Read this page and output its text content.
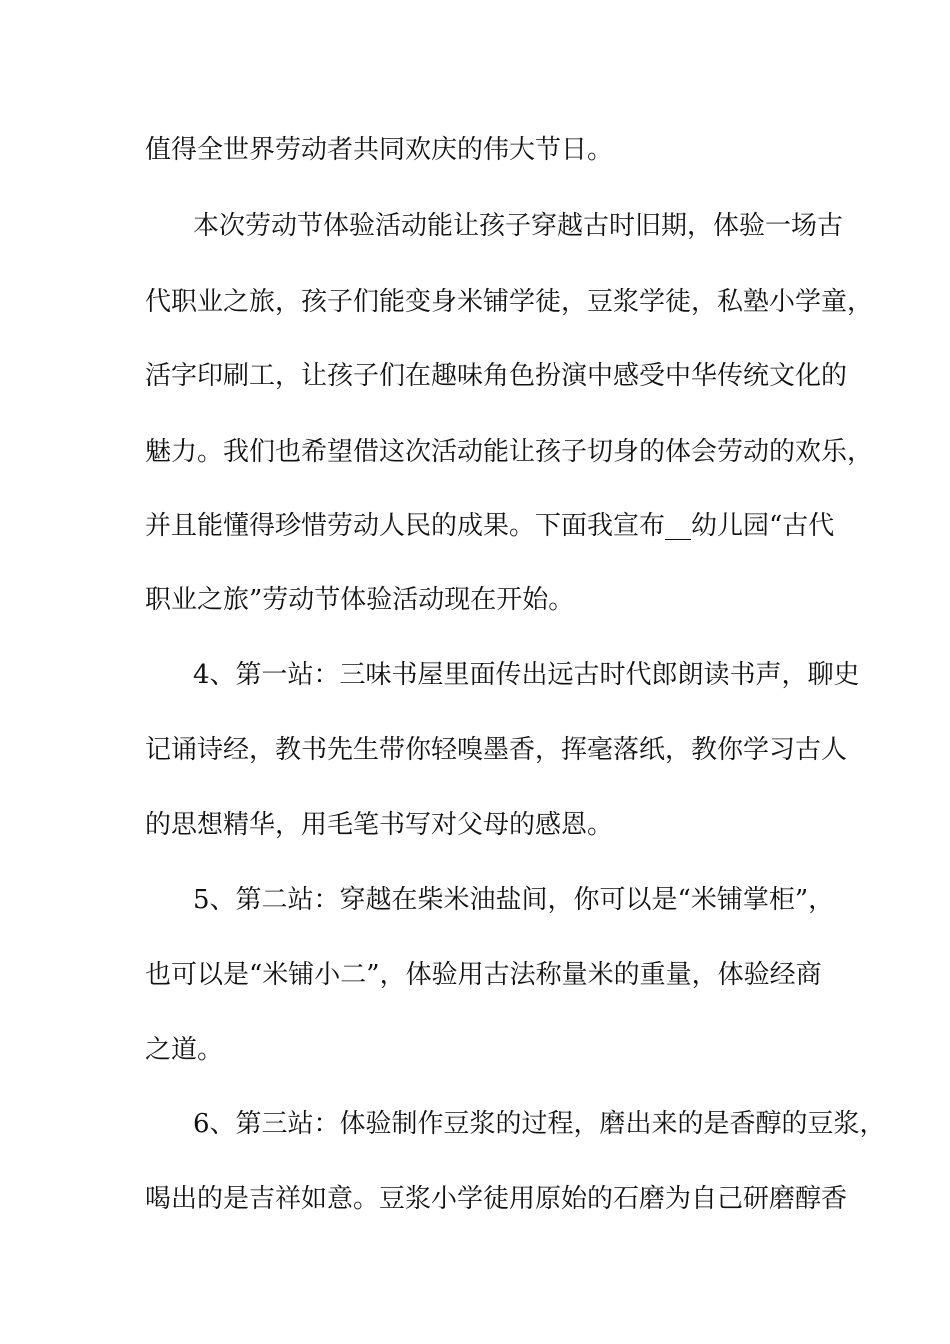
值得全世界劳动者共同欢庆的伟大节日。
本次劳动节体验活动能让孩子穿越古时旧期，体验一场古
代职业之旅，孩子们能变身米铺学徒，豆浆学徒，私塾小学童，
活字印刷工，让孩子们在趣味角色扮演中感受中华传统文化的
魅力。我们也希望借这次活动能让孩子切身的体会劳动的欢乐，
并且能懂得珍惜劳动人民的成果。下面我宣布__幼儿园“古代
职业之旅”劳动节体验活动现在开始。
4、第一站：三味书屋里面传出远古时代郎朗读书声，聊史
记诵诗经，教书先生带你轻嗅墨香，挥毫落纸，教你学习古人
的思想精华，用毛笔书写对父母的感恩。
5、第二站：穿越在柴米油盐间，你可以是“米铺掌柜”，
也可以是“米铺小二”，体验用古法称量米的重量，体验经商
之道。
6、第三站：体验制作豆浆的过程，磨出来的是香醇的豆浆，
喝出的是吉祥如意。豆浆小学徒用原始的石磨为自己研磨醇香
